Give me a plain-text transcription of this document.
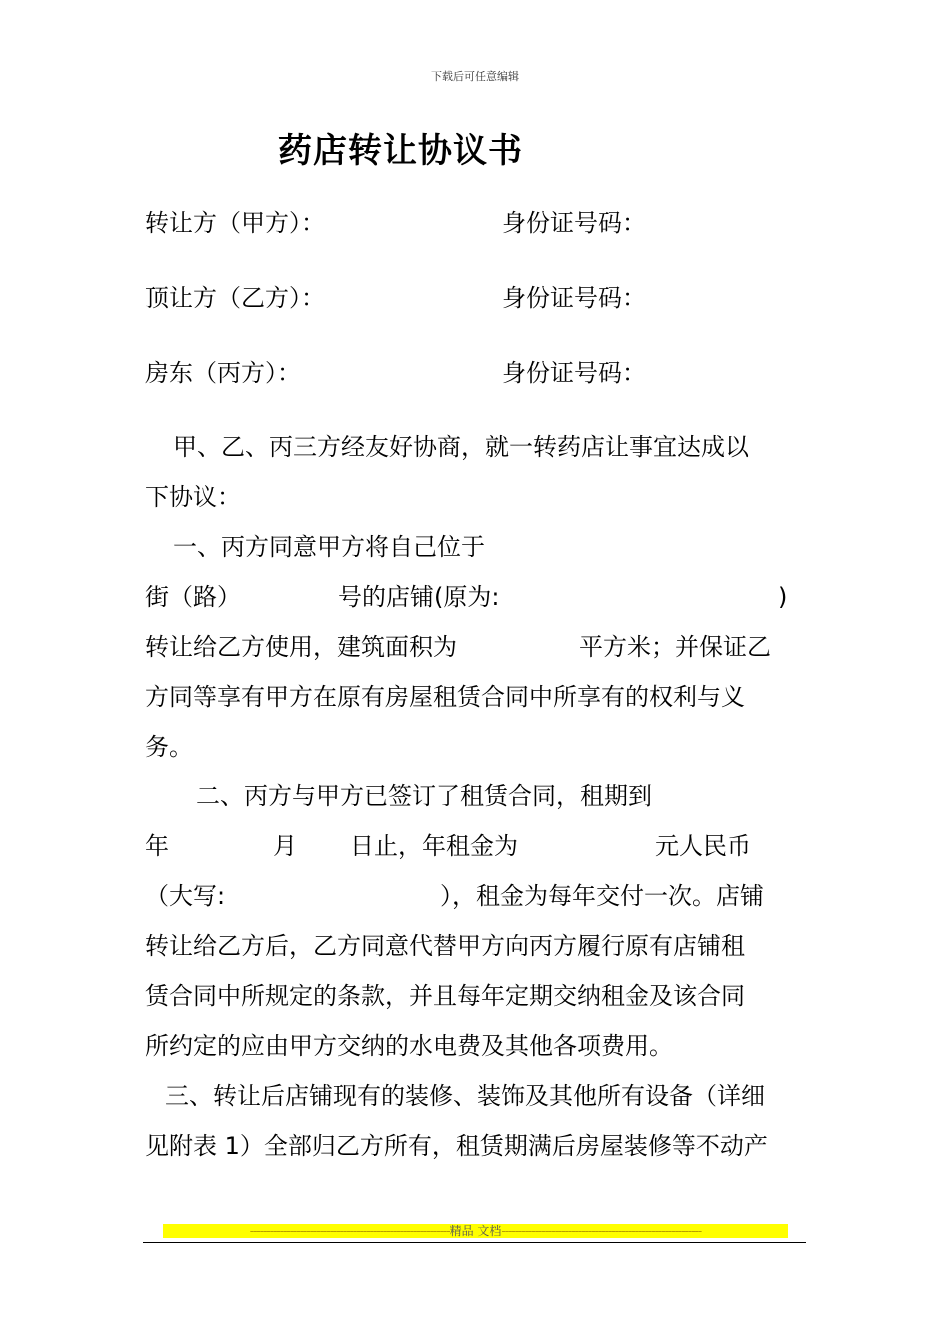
下载后可任意编辑
药店转让协议书
转让方（甲方）：	身份证号码：
顶让方（乙方）：	身份证号码：
房东（丙方）：	身份证号码：
甲、乙、丙三方经友好协商，就一转药店让事宜达成以
下协议：
一、丙方同意甲方将自己位于
街（路）	号的店铺(原为:	)
转让给乙方使用，建筑面积为	平方米；并保证乙
方同等享有甲方在原有房屋租赁合同中所享有的权利与义
务。
二、丙方与甲方已签订了租赁合同，租期到
年	月 日止，年租金为	元人民币
（大写:	），租金为每年交付一次。店铺
转让给乙方后，乙方同意代替甲方向丙方履行原有店铺租
赁合同中所规定的条款，并且每年定期交纳租金及该合同
所约定的应由甲方交纳的水电费及其他各项费用。
三、转让后店铺现有的装修、装饰及其他所有设备（详细
见附表 1）全部归乙方所有，租赁期满后房屋装修等不动产
------------------------------------------------------------精品 文档------------------------------------------------------------
